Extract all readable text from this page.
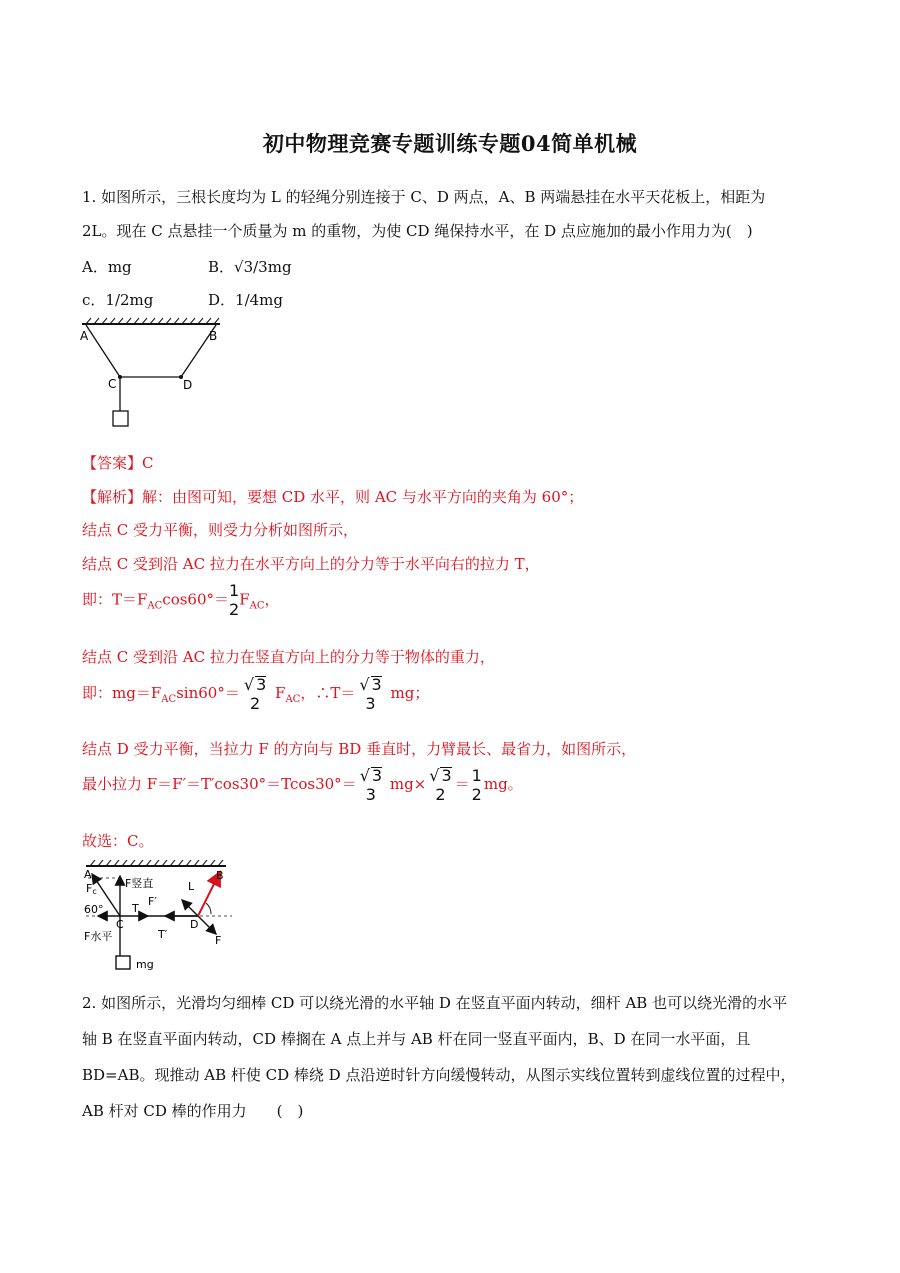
初中物理竞赛专题训练专题04简单机械
1. 如图所示，三根长度均为 L 的轻绳分别连接于 C、D 两点，A、B 两端悬挂在水平天花板上，相距为
2L。现在 C 点悬挂一个质量为 m 的重物，为使 CD 绳保持水平，在 D 点应施加的最小作用力为(　)
A．mg	B．√3/3mg
c．1/2mg	D．1/4mg
A	B
C	D
【答案】C
【解析】解：由图可知，要想 CD 水平，则 AC 与水平方向的夹角为 60°；
结点 C 受力平衡，则受力分析如图所示，
结点 C 受到沿 AC 拉力在水平方向上的分力等于水平向右的拉力 T，
即：$T=F_{AC}\cos 60^\circ= 1$
2
$F_{AC}$，
结点 C 受到沿 AC 拉力在竖直方向上的分力等于物体的重力，
即：$mg=F_{AC}\sin 60^\circ=$ √ 3
2
$F_{AC}$，∴T＝ √ 3
3
mg；
结点 D 受力平衡，当拉力 F 的方向与 BD 垂直时，力臂最长、最省力，如图所示，
最小拉力 F＝F′＝T′cos30°＝Tcos30°＝ √ 3
3
mg× √ 3
2
＝ 1
2
mg。
故选：C。
A	B
Fc
F竖直
60°	T
F′
L
C
T′
D
F水平	F
mg
2. 如图所示，光滑均匀细棒 CD 可以绕光滑的水平轴 D 在竖直平面内转动，细杆 AB 也可以绕光滑的水平
轴 B 在竖直平面内转动，CD 棒搁在 A 点上并与 AB 杆在同一竖直平面内，B、D 在同一水平面，且
BD=AB。现推动 AB 杆使 CD 棒绕 D 点沿逆时针方向缓慢转动，从图示实线位置转到虚线位置的过程中，
AB 杆对 CD 棒的作用力　　(　)
